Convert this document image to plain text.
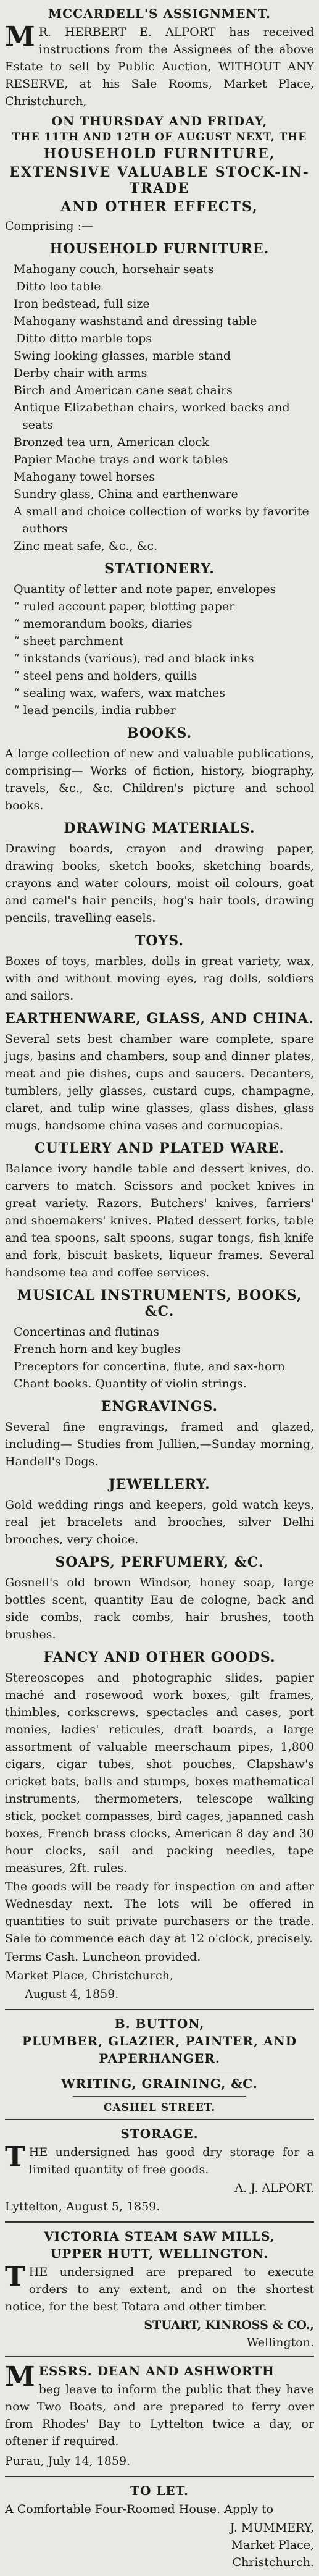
MCCARDELL'S ASSIGNMENT.
M R. HERBERT E. ALPORT has received instructions from the Assignees of the above Estate to sell by Public Auction, WITHOUT ANY RESERVE, at his Sale Rooms, Market Place, Christchurch,
ON THURSDAY AND FRIDAY,
THE 11TH AND 12TH OF AUGUST NEXT, THE
HOUSEHOLD FURNITURE,
EXTENSIVE VALUABLE STOCK-IN-TRADE
AND OTHER EFFECTS,
Comprising :—
HOUSEHOLD FURNITURE.

Mahogany couch, horsehair seats

Ditto loo table

Iron bedstead, full size

Mahogany washstand and dressing table

Ditto ditto marble tops

Swing looking glasses, marble stand

Derby chair with arms

Birch and American cane seat chairs

Antique Elizabethan chairs, worked backs and seats

Bronzed tea urn, American clock

Papier Mache trays and work tables

Mahogany towel horses

Sundry glass, China and earthenware

A small and choice collection of works by favorite authors

Zinc meat safe, &c., &c.

STATIONERY.

Quantity of letter and note paper, envelopes

“ ruled account paper, blotting paper

“ memorandum books, diaries

“ sheet parchment

“ inkstands (various), red and black inks

“ steel pens and holders, quills

“ sealing wax, wafers, wax matches

“ lead pencils, india rubber

BOOKS.
A large collection of new and valuable publications, comprising— Works of fiction, history, biography, travels, &c., &c. Children's picture and school books.
DRAWING MATERIALS.
Drawing boards, crayon and drawing paper, drawing books, sketch books, sketching boards, crayons and water colours, moist oil colours, goat and camel's hair pencils, hog's hair tools, drawing pencils, travelling easels.
TOYS.
Boxes of toys, marbles, dolls in great variety, wax, with and without moving eyes, rag dolls, soldiers and sailors.
EARTHENWARE, GLASS, AND CHINA.
Several sets best chamber ware complete, spare jugs, basins and chambers, soup and dinner plates, meat and pie dishes, cups and saucers. Decanters, tumblers, jelly glasses, custard cups, champagne, claret, and tulip wine glasses, glass dishes, glass mugs, handsome china vases and cornucopias.
CUTLERY AND PLATED WARE.
Balance ivory handle table and dessert knives, do. carvers to match. Scissors and pocket knives in great variety. Razors. Butchers' knives, farriers' and shoemakers' knives. Plated dessert forks, table and tea spoons, salt spoons, sugar tongs, fish knife and fork, biscuit baskets, liqueur frames. Several handsome tea and coffee services.
MUSICAL INSTRUMENTS, BOOKS, &C.

Concertinas and flutinas

French horn and key bugles

Preceptors for concertina, flute, and sax-horn

Chant books. Quantity of violin strings.

ENGRAVINGS.
Several fine engravings, framed and glazed, including— Studies from Jullien,—Sunday morning, Handell's Dogs.
JEWELLERY.
Gold wedding rings and keepers, gold watch keys, real jet bracelets and brooches, silver Delhi brooches, very choice.
SOAPS, PERFUMERY, &C.
Gosnell's old brown Windsor, honey soap, large bottles scent, quantity Eau de cologne, back and side combs, rack combs, hair brushes, tooth brushes.
FANCY AND OTHER GOODS.
Stereoscopes and photographic slides, papier maché and rosewood work boxes, gilt frames, thimbles, corkscrews, spectacles and cases, port monies, ladies' reticules, draft boards, a large assortment of valuable meerschaum pipes, 1,800 cigars, cigar tubes, shot pouches, Clapshaw's cricket bats, balls and stumps, boxes mathematical instruments, thermometers, telescope walking stick, pocket compasses, bird cages, japanned cash boxes, French brass clocks, American 8 day and 30 hour clocks, sail and packing needles, tape measures, 2ft. rules.
The goods will be ready for inspection on and after Wednesday next. The lots will be offered in quantities to suit private purchasers or the trade. Sale to commence each day at 12 o'clock, precisely.
Terms Cash. Luncheon provided.
Market Place, Christchurch,
August 4, 1859.
B. BUTTON,
PLUMBER, GLAZIER, PAINTER, AND
PAPERHANGER.
WRITING, GRAINING, &C.
CASHEL STREET.
STORAGE.
T HE undersigned has good dry storage for a limited quantity of free goods.
A. J. ALPORT.
Lyttelton, August 5, 1859.
VICTORIA STEAM SAW MILLS,
UPPER HUTT, WELLINGTON.
T HE undersigned are prepared to execute orders to any extent, and on the shortest notice, for the best Totara and other timber.
STUART, KINROSS & CO.,
Wellington.
M ESSRS. DEAN AND ASHWORTH
beg leave to inform the public that they have now Two Boats, and are prepared to ferry over from Rhodes' Bay to Lyttelton twice a day, or oftener if required.
Purau, July 14, 1859.
TO LET.
A Comfortable Four-Roomed House. Apply to
J. MUMMERY,
Market Place,
Christchurch.
